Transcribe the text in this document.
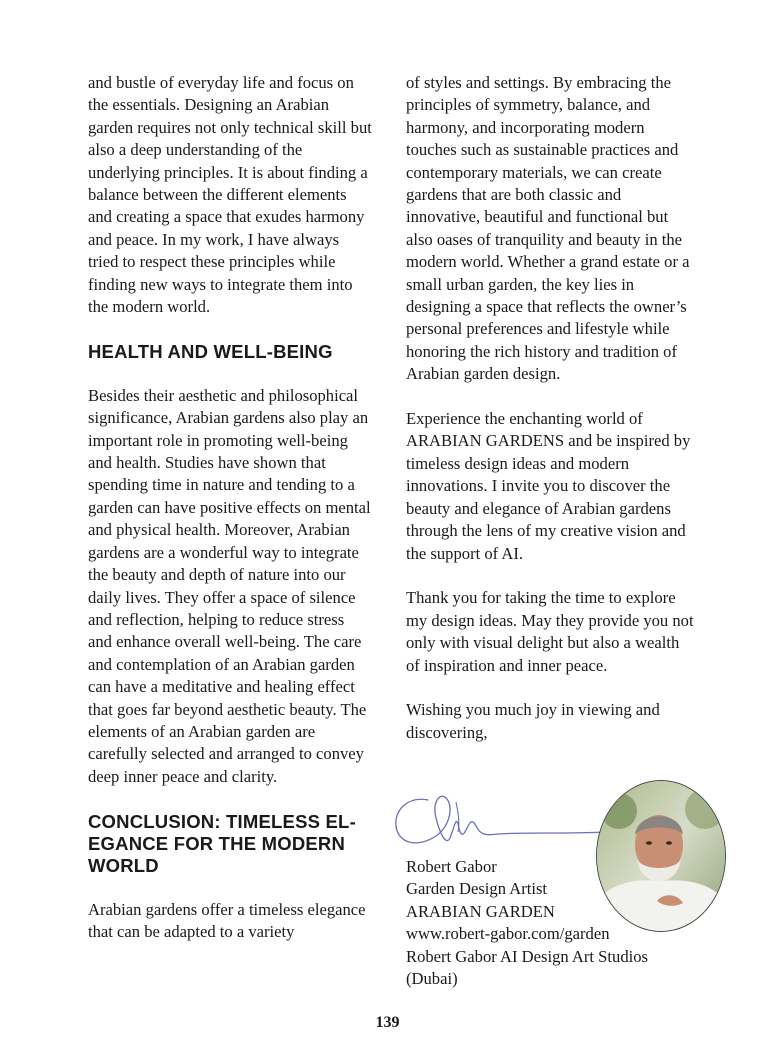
and bustle of everyday life and focus on the essentials. Designing an Arabian garden requires not only technical skill but also a deep understanding of the underlying principles. It is about finding a balance between the different elements and creating a space that exudes harmony and peace. In my work, I have always tried to respect these principles while finding new ways to integrate them into the modern world.

HEALTH AND WELL-BEING

Besides their aesthetic and philosophical significance, Arabian gardens also play an important role in promoting well-being and health. Studies have shown that spending time in nature and tending to a garden can have positive effects on mental and physical health. Moreover, Arabian gardens are a wonderful way to integrate the beauty and depth of nature into our daily lives. They offer a space of silence and reflection, helping to reduce stress and enhance overall well-being. The care and contemplation of an Arabian garden can have a meditative and healing effect that goes far beyond aesthetic beauty. The elements of an Arabian garden are carefully selected and arranged to convey deep inner peace and clarity.

CONCLUSION: TIMELESS ELEGANCE FOR THE MODERN WORLD

Arabian gardens offer a timeless elegance that can be adapted to a variety

of styles and settings. By embracing the principles of symmetry, balance, and harmony, and incorporating modern touches such as sustainable practices and contemporary materials, we can create gardens that are both classic and innovative, beautiful and functional but also oases of tranquility and beauty in the modern world. Whether a grand estate or a small urban garden, the key lies in designing a space that reflects the owner’s personal preferences and lifestyle while honoring the rich history and tradition of Arabian garden design.

Experience the enchanting world of ARABIAN GARDENS and be inspired by timeless design ideas and modern innovations. I invite you to discover the beauty and elegance of Arabian gardens through the lens of my creative vision and the support of AI.

Thank you for taking the time to explore my design ideas. May they provide you not only with visual delight but also a wealth of inspiration and inner peace.

Wishing you much joy in viewing and discovering,

Robert Gabor
Garden Design Artist
ARABIAN GARDEN
www.robert-gabor.com/garden
Robert Gabor AI Design Art Studios
(Dubai)
139
